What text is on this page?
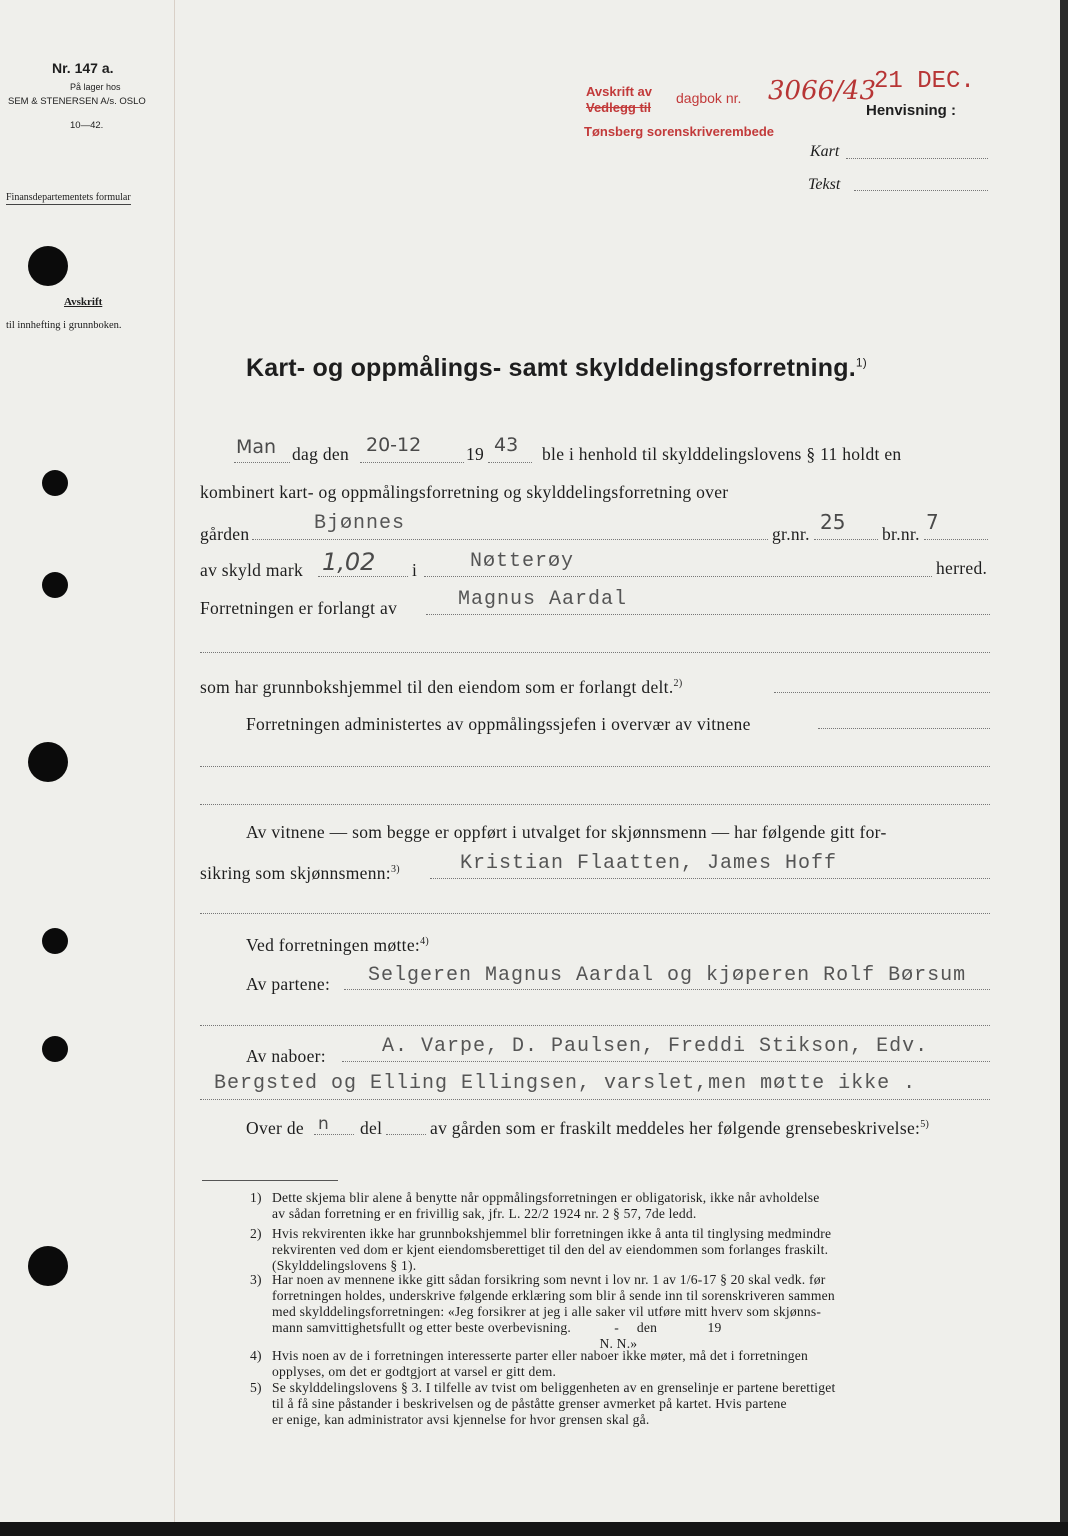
Nr. 147 a.
På lager hos
SEM & STENERSEN A/s. OSLO
10—42.
Finansdepartementets formular
Avskrift
til innhefting i grunnboken.
Avskrift av
Vedlegg til
dagbok nr. 3066/43
21 DEC.
Tønsberg sorenskriverembede
Henvisning :
Kart
Tekst
Kart- og oppmålings- samt skylddelingsforretning.$^{1)}$
Man dag den 20-12	19 43 ble i henhold til skylddelingslovens § 11 holdt en
kombinert kart- og oppmålingsforretning og skylddelingsforretning over
gården	Bjønnes	gr.nr. 25 br.nr. 7
av skyld mark 1,02 i	Nøtterøy	herred.
Forretningen er forlangt av	Magnus Aardal
som har grunnbokshjemmel til den eiendom som er forlangt delt.$^{2)}$
Forretningen administertes av oppmålingssjefen i overvær av vitnene
Av vitnene — som begge er oppført i utvalget for skjønnsmenn — har følgende gitt for-
sikring som skjønnsmenn:$^{3)}$	Kristian Flaatten, James Hoff
Ved forretningen møtte:$^{4)}$
Av partene: Selgeren Magnus Aardal og kjøperen Rolf Børsum
Av naboer:	A. Varpe, D. Paulsen, Freddi Stikson, Edv.
Bergsted og Elling Ellingsen, varslet,men møtte ikke .
Over de n del	av gården som er fraskilt meddeles her følgende grensebeskrivelse:$^{5)}$
1) Dette skjema blir alene å benytte når oppmålingsforretningen er obligatorisk, ikke når avholdelse
av sådan forretning er en frivillig sak, jfr. L. 22/2 1924 nr. 2 § 57, 7de ledd.
2) Hvis rekvirenten ikke har grunnbokshjemmel blir forretningen ikke å anta til tinglysing medmindre
rekvirenten ved dom er kjent eiendomsberettiget til den del av eiendommen som forlanges fraskilt.
(Skylddelingslovens § 1).
3) Har noen av mennene ikke gitt sådan forsikring som nevnt i lov nr. 1 av 1/6-17 § 20 skal vedk. før
forretningen holdes, underskrive følgende erklæring som blir å sende inn til sorenskriveren sammen
med skylddelingsforretningen: «Jeg forsikrer at jeg i alle saker vil utføre mitt hverv som skjønns-
mann samvittighetsfullt og etter beste overbevisning.            -     den              19
N. N.»
4) Hvis noen av de i forretningen interesserte parter eller naboer ikke møter, må det i forretningen
opplyses, om det er godtgjort at varsel er gitt dem.
5) Se skylddelingslovens § 3. I tilfelle av tvist om beliggenheten av en grenselinje er partene berettiget
til å få sine påstander i beskrivelsen og de påståtte grenser avmerket på kartet. Hvis partene
er enige, kan administrator avsi kjennelse for hvor grensen skal gå.
